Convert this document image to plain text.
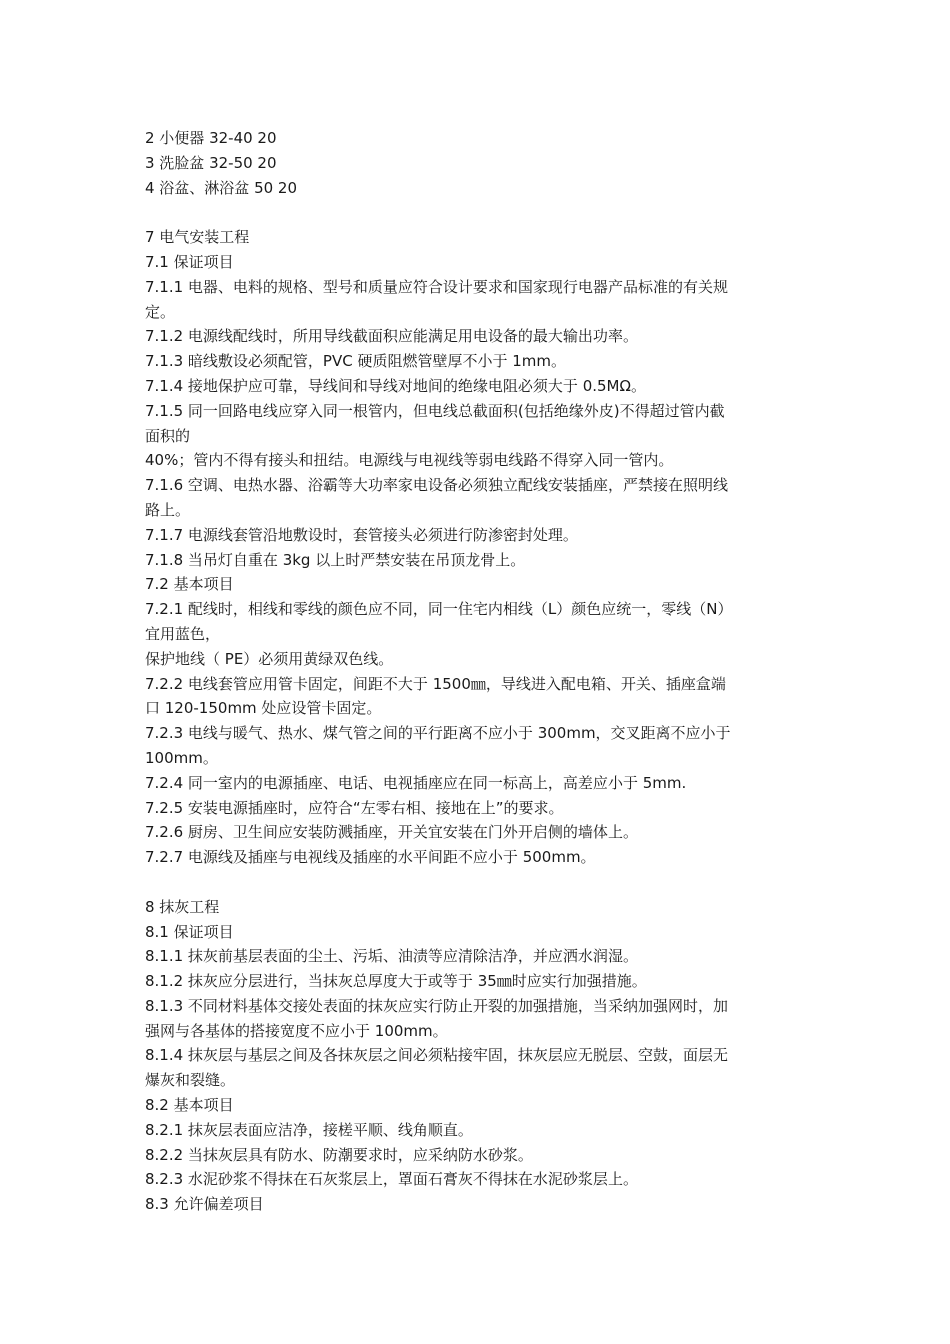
2 小便器 32-40 20

3 洗脸盆 32-50 20

4 浴盆、淋浴盆 50 20

7 电气安装工程

7.1 保证项目

7.1.1 电器、电料的规格、型号和质量应符合设计要求和国家现行电器产品标准的有关规

定。

7.1.2 电源线配线时，所用导线截面积应能满足用电设备的最大输出功率。

7.1.3 暗线敷设必须配管，PVC 硬质阻燃管壁厚不小于 1mm。

7.1.4 接地保护应可靠，导线间和导线对地间的绝缘电阻必须大于 0.5MΩ。

7.1.5 同一回路电线应穿入同一根管内，但电线总截面积(包括绝缘外皮)不得超过管内截

面积的

40%；管内不得有接头和扭结。电源线与电视线等弱电线路不得穿入同一管内。

7.1.6 空调、电热水器、浴霸等大功率家电设备必须独立配线安装插座，严禁接在照明线

路上。

7.1.7 电源线套管沿地敷设时，套管接头必须进行防渗密封处理。

7.1.8 当吊灯自重在 3kg 以上时严禁安装在吊顶龙骨上。

7.2 基本项目

7.2.1 配线时，相线和零线的颜色应不同，同一住宅内相线（L）颜色应统一，零线（N）

宜用蓝色，

保护地线（ PE）必须用黄绿双色线。

7.2.2 电线套管应用管卡固定，间距不大于 1500㎜，导线进入配电箱、开关、插座盒端

口 120-150mm 处应设管卡固定。

7.2.3 电线与暖气、热水、煤气管之间的平行距离不应小于 300mm，交叉距离不应小于

100mm。

7.2.4 同一室内的电源插座、电话、电视插座应在同一标高上，高差应小于 5mm.

7.2.5 安装电源插座时，应符合“左零右相、接地在上”的要求。

7.2.6 厨房、卫生间应安装防溅插座，开关宜安装在门外开启侧的墙体上。

7.2.7 电源线及插座与电视线及插座的水平间距不应小于 500mm。

8 抹灰工程

8.1 保证项目

8.1.1 抹灰前基层表面的尘土、污垢、油渍等应清除洁净，并应洒水润湿。

8.1.2 抹灰应分层进行，当抹灰总厚度大于或等于 35㎜时应实行加强措施。

8.1.3 不同材料基体交接处表面的抹灰应实行防止开裂的加强措施，当采纳加强网时，加

强网与各基体的搭接宽度不应小于 100mm。

8.1.4 抹灰层与基层之间及各抹灰层之间必须粘接牢固，抹灰层应无脱层、空鼓，面层无

爆灰和裂缝。

8.2 基本项目

8.2.1 抹灰层表面应洁净，接槎平顺、线角顺直。

8.2.2 当抹灰层具有防水、防潮要求时，应采纳防水砂浆。

8.2.3 水泥砂浆不得抹在石灰浆层上，罩面石膏灰不得抹在水泥砂浆层上。

8.3 允许偏差项目
